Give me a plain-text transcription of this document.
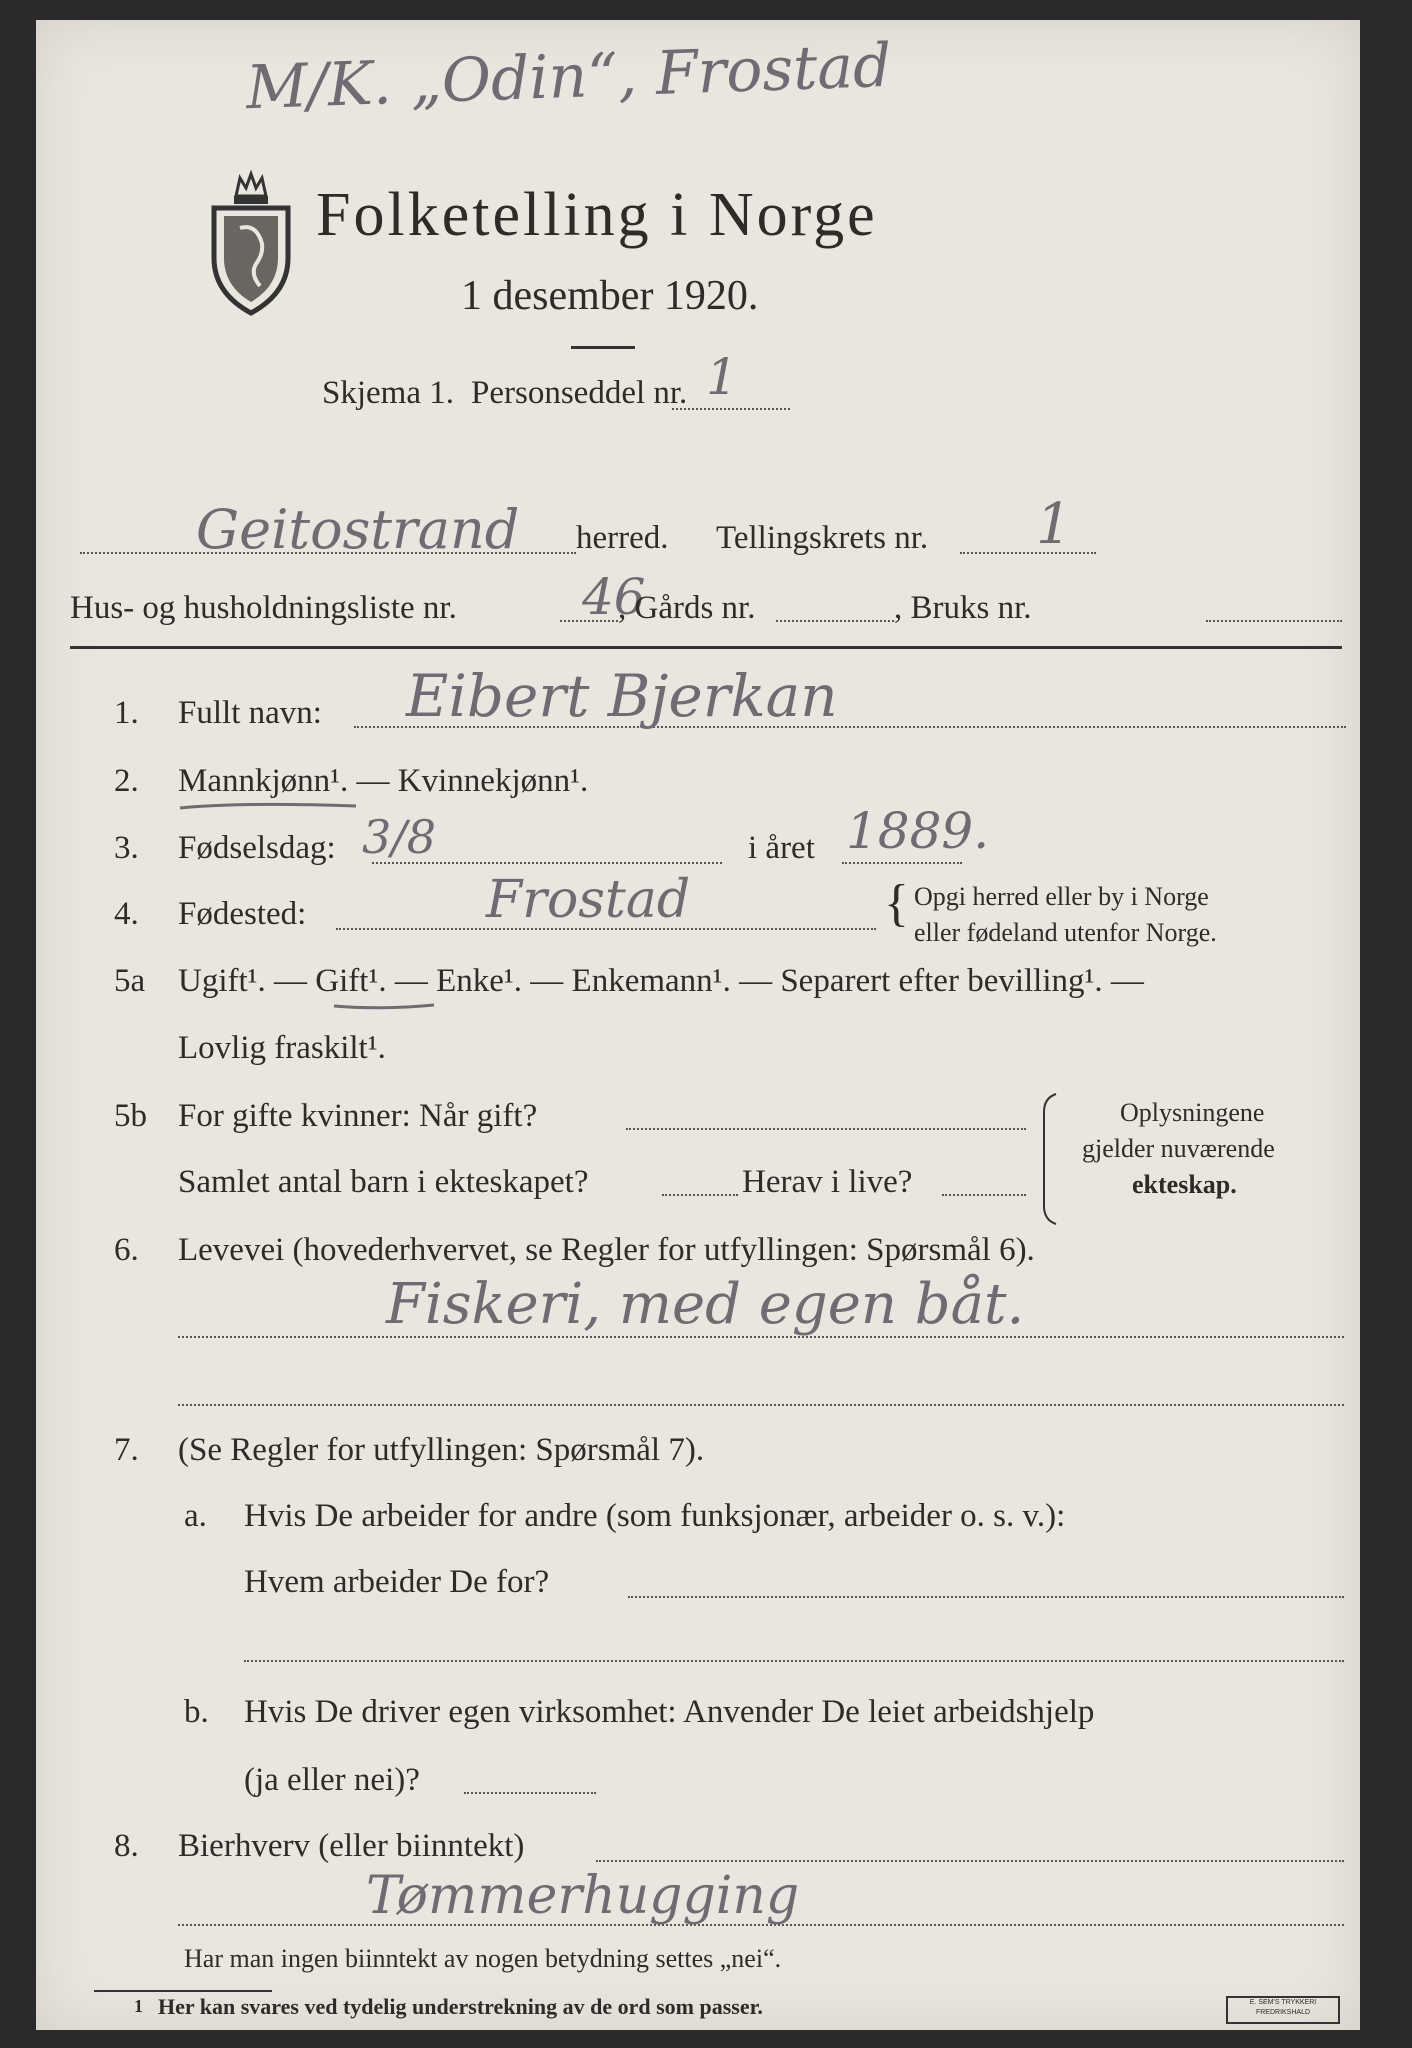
M/K. „Odin“, Frostad
Folketelling i Norge
1 desember 1920.
Skjema 1. Personseddel nr. 1
Geitostrand herred. Tellingskrets nr. 1
Hus- og husholdningsliste nr.	46
, Gårds nr.	, Bruks nr.
1. Fullt navn: Eibert Bjerkan
2. Mannkjønn¹. — Kvinnekjønn¹.
3. Fødselsdag: 3/8	i året 1889.
4. Fødested:	Frostad	{ Opgi herred eller by i Norge
eller fødeland utenfor Norge.
5a Ugift¹. — Gift¹. — Enke¹. — Enkemann¹. — Separert efter bevilling¹. —
Lovlig fraskilt¹.
5b For gifte kvinner: Når gift?
Samlet antal barn i ekteskapet?	Herav i live?
Oplysningene
gjelder nuværende
ekteskap.
6. Levevei (hovederhvervet, se Regler for utfyllingen: Spørsmål 6).
Fiskeri, med egen båt.
7. (Se Regler for utfyllingen: Spørsmål 7).
a. Hvis De arbeider for andre (som funksjonær, arbeider o. s. v.):
Hvem arbeider De for?
b. Hvis De driver egen virksomhet: Anvender De leiet arbeidshjelp
(ja eller nei)?
8. Bierhverv (eller biinntekt)
Tømmerhugging
Har man ingen biinntekt av nogen betydning settes „nei“.
1 Her kan svares ved tydelig understrekning av de ord som passer.	E. SEM'S TRYKKERI
FREDRIKSHALD
